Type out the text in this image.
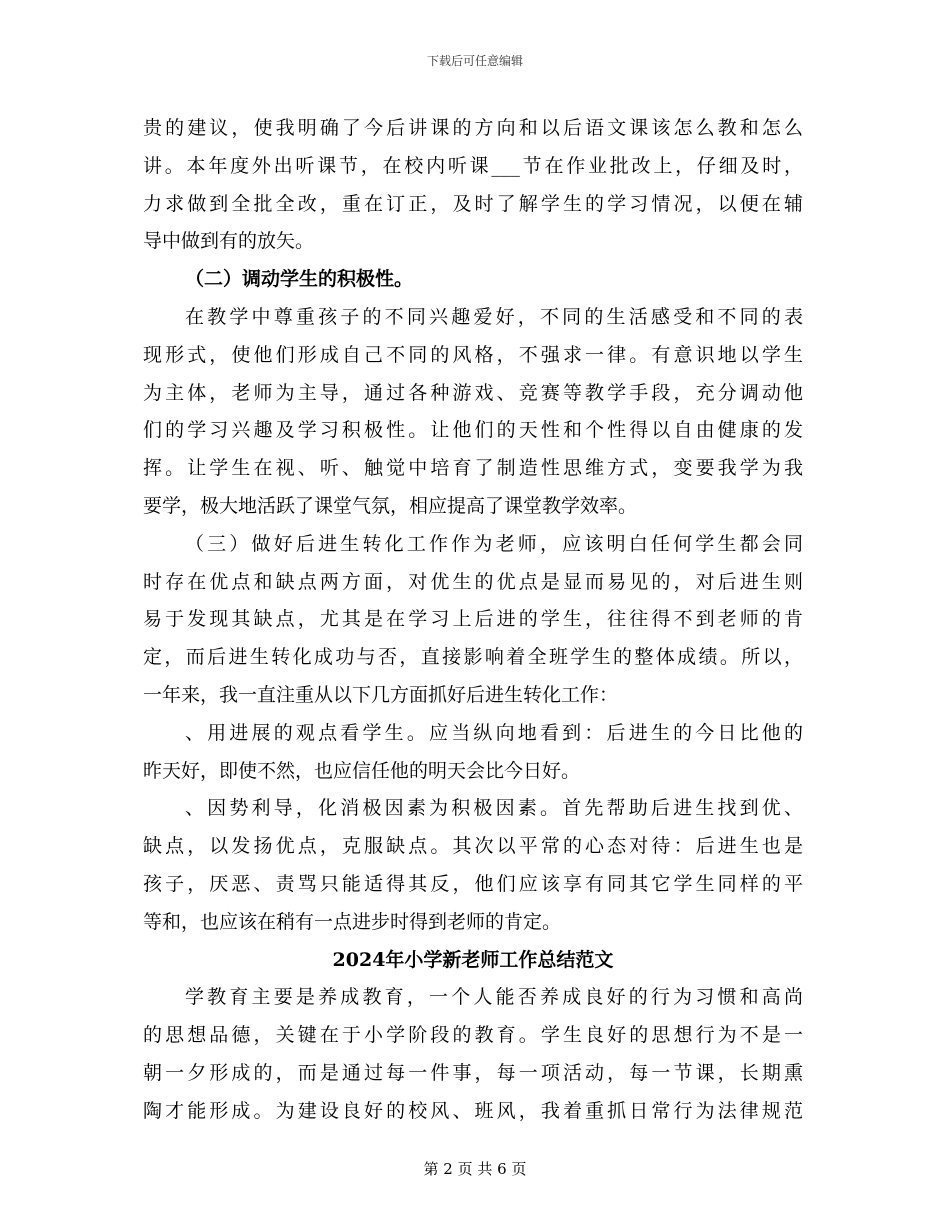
下载后可任意编辑
贵的建议，使我明确了今后讲课的方向和以后语文课该怎么教和怎么
讲。本年度外出听课节，在校内听课___节在作业批改上，仔细及时，
力求做到全批全改，重在订正，及时了解学生的学习情况，以便在辅
导中做到有的放矢。
（二）调动学生的积极性。
在教学中尊重孩子的不同兴趣爱好，不同的生活感受和不同的表
现形式，使他们形成自己不同的风格，不强求一律。有意识地以学生
为主体，老师为主导，通过各种游戏、竞赛等教学手段，充分调动他
们的学习兴趣及学习积极性。让他们的天性和个性得以自由健康的发
挥。让学生在视、听、触觉中培育了制造性思维方式，变要我学为我
要学，极大地活跃了课堂气氛，相应提高了课堂教学效率。
（三）做好后进生转化工作作为老师，应该明白任何学生都会同
时存在优点和缺点两方面，对优生的优点是显而易见的，对后进生则
易于发现其缺点，尤其是在学习上后进的学生，往往得不到老师的肯
定，而后进生转化成功与否，直接影响着全班学生的整体成绩。所以，
一年来，我一直注重从以下几方面抓好后进生转化工作：
、用进展的观点看学生。应当纵向地看到：后进生的今日比他的
昨天好，即使不然，也应信任他的明天会比今日好。
、因势利导，化消极因素为积极因素。首先帮助后进生找到优、
缺点，以发扬优点，克服缺点。其次以平常的心态对待：后进生也是
孩子，厌恶、责骂只能适得其反，他们应该享有同其它学生同样的平
等和，也应该在稍有一点进步时得到老师的肯定。
2024年小学新老师工作总结范文
学教育主要是养成教育，一个人能否养成良好的行为习惯和高尚
的思想品德，关键在于小学阶段的教育。学生良好的思想行为不是一
朝一夕形成的，而是通过每一件事，每一项活动，每一节课，长期熏
陶才能形成。为建设良好的校风、班风，我着重抓日常行为法律规范
第 2 页 共 6 页
